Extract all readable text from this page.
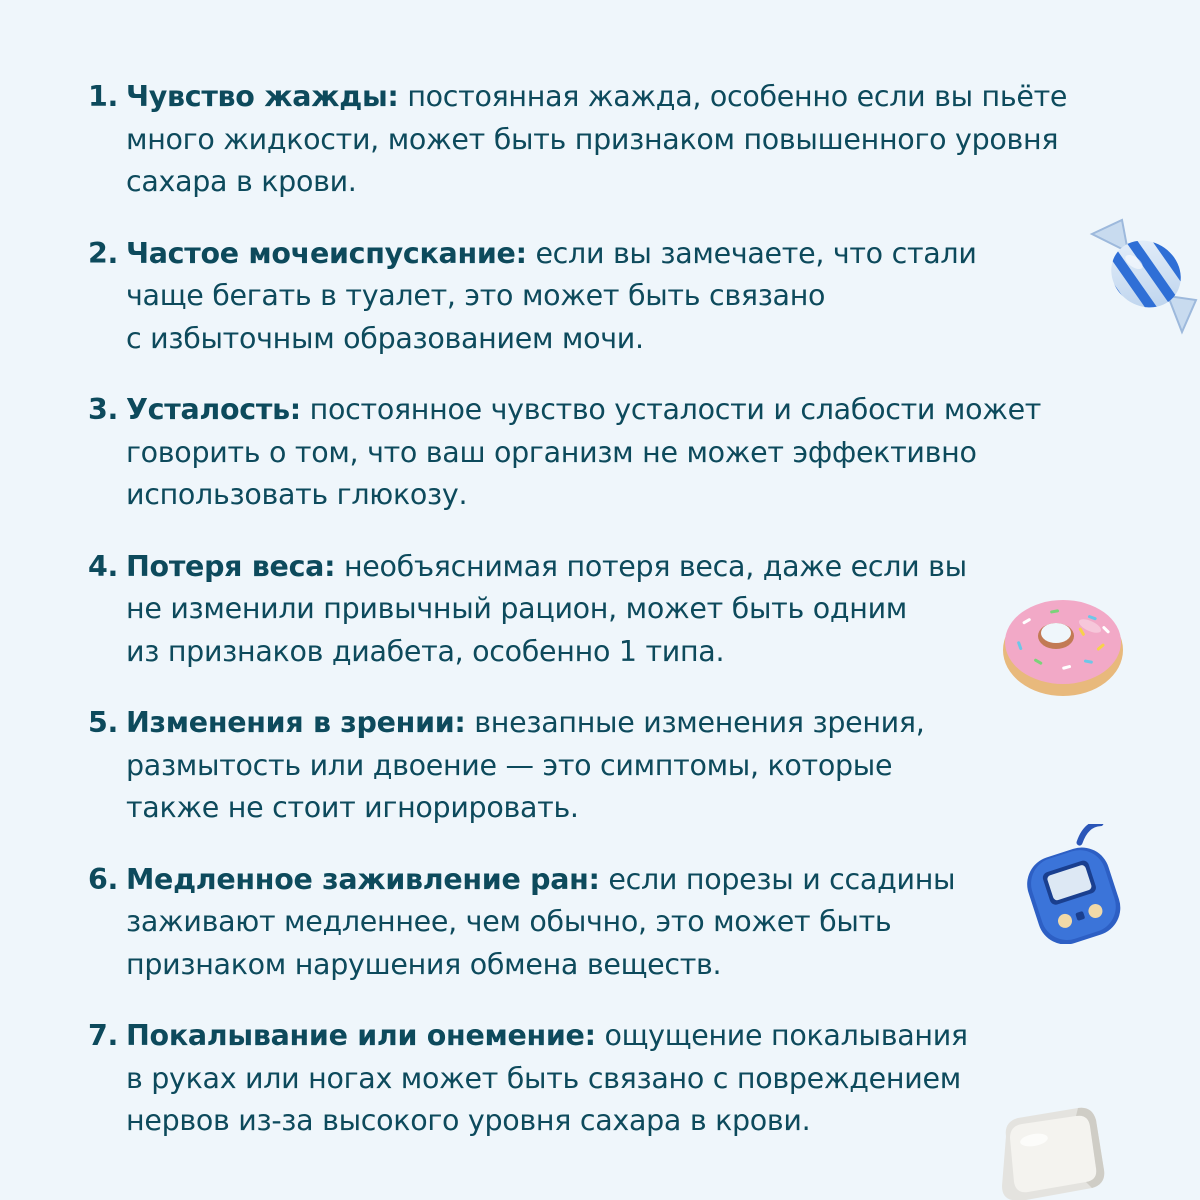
1. Чувство жажды: постоянная жажда, особенно если вы пьёте
много жидкости, может быть признаком повышенного уровня
сахара в крови.
2. Частое мочеиспускание: если вы замечаете, что стали
чаще бегать в туалет, это может быть связано
с избыточным образованием мочи.
3. Усталость: постоянное чувство усталости и слабости может
говорить о том, что ваш организм не может эффективно
использовать глюкозу.
4. Потеря веса: необъяснимая потеря веса, даже если вы
не изменили привычный рацион, может быть одним
из признаков диабета, особенно 1 типа.
5. Изменения в зрении: внезапные изменения зрения,
размытость или двоение — это симптомы, которые
также не стоит игнорировать.
6. Медленное заживление ран: если порезы и ссадины
заживают медленнее, чем обычно, это может быть
признаком нарушения обмена веществ.
7. Покалывание или онемение: ощущение покалывания
в руках или ногах может быть связано с повреждением
нервов из-за высокого уровня сахара в крови.
